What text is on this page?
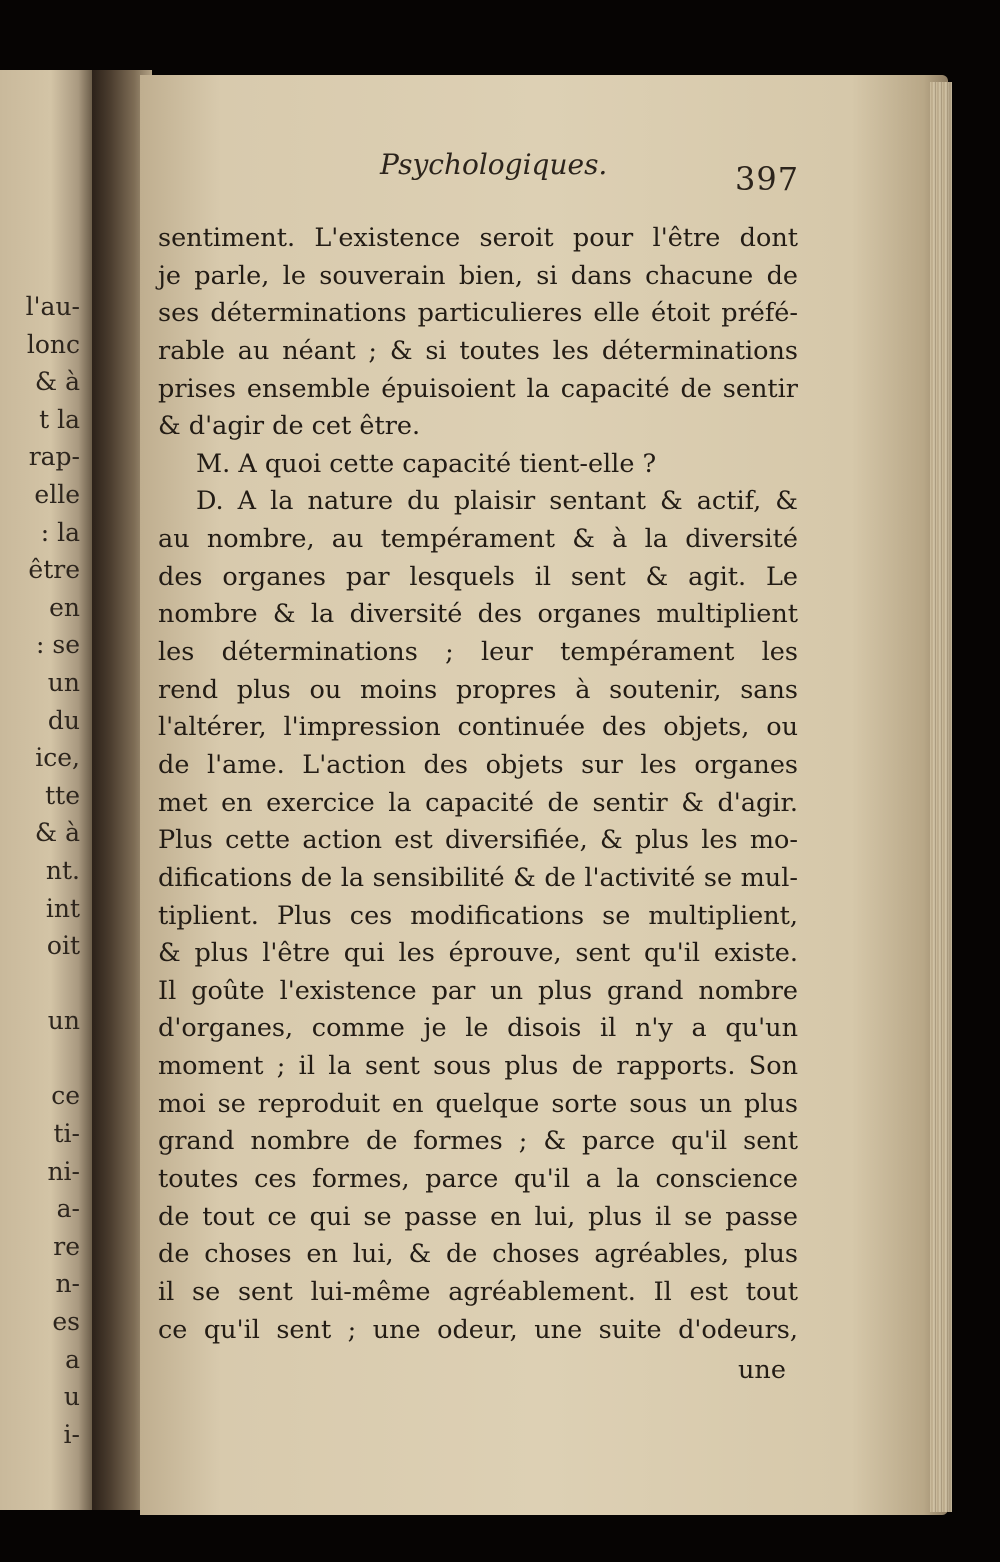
l'au-
lonc
& à
t la
rap-
elle
: la
être
en
: se
un
du
ice,
tte
& à
nt.
int
oit
un
ce
ti-
ni-
a-
re
n-
es
a
u
i-
Psychologiques.	397
sentiment. L'existence seroit pour l'être dont
je parle, le souverain bien, si dans chacune de
ses déterminations particulieres elle étoit préfé-
rable au néant ; & si toutes les déterminations
prises ensemble épuisoient la capacité de sentir
& d'agir de cet être.
M. A quoi cette capacité tient-elle ?
D. A la nature du plaisir sentant & actif, &
au nombre, au tempérament & à la diversité
des organes par lesquels il sent & agit. Le
nombre & la diversité des organes multiplient
les déterminations ; leur tempérament les
rend plus ou moins propres à soutenir, sans
l'altérer, l'impression continuée des objets, ou
de l'ame. L'action des objets sur les organes
met en exercice la capacité de sentir & d'agir.
Plus cette action est diversifiée, & plus les mo-
difications de la sensibilité & de l'activité se mul-
tiplient. Plus ces modifications se multiplient,
& plus l'être qui les éprouve, sent qu'il existe.
Il goûte l'existence par un plus grand nombre
d'organes, comme je le disois il n'y a qu'un
moment ; il la sent sous plus de rapports. Son
moi se reproduit en quelque sorte sous un plus
grand nombre de formes ; & parce qu'il sent
toutes ces formes, parce qu'il a la conscience
de tout ce qui se passe en lui, plus il se passe
de choses en lui, & de choses agréables, plus
il se sent lui-même agréablement. Il est tout
ce qu'il sent ; une odeur, une suite d'odeurs,
une
